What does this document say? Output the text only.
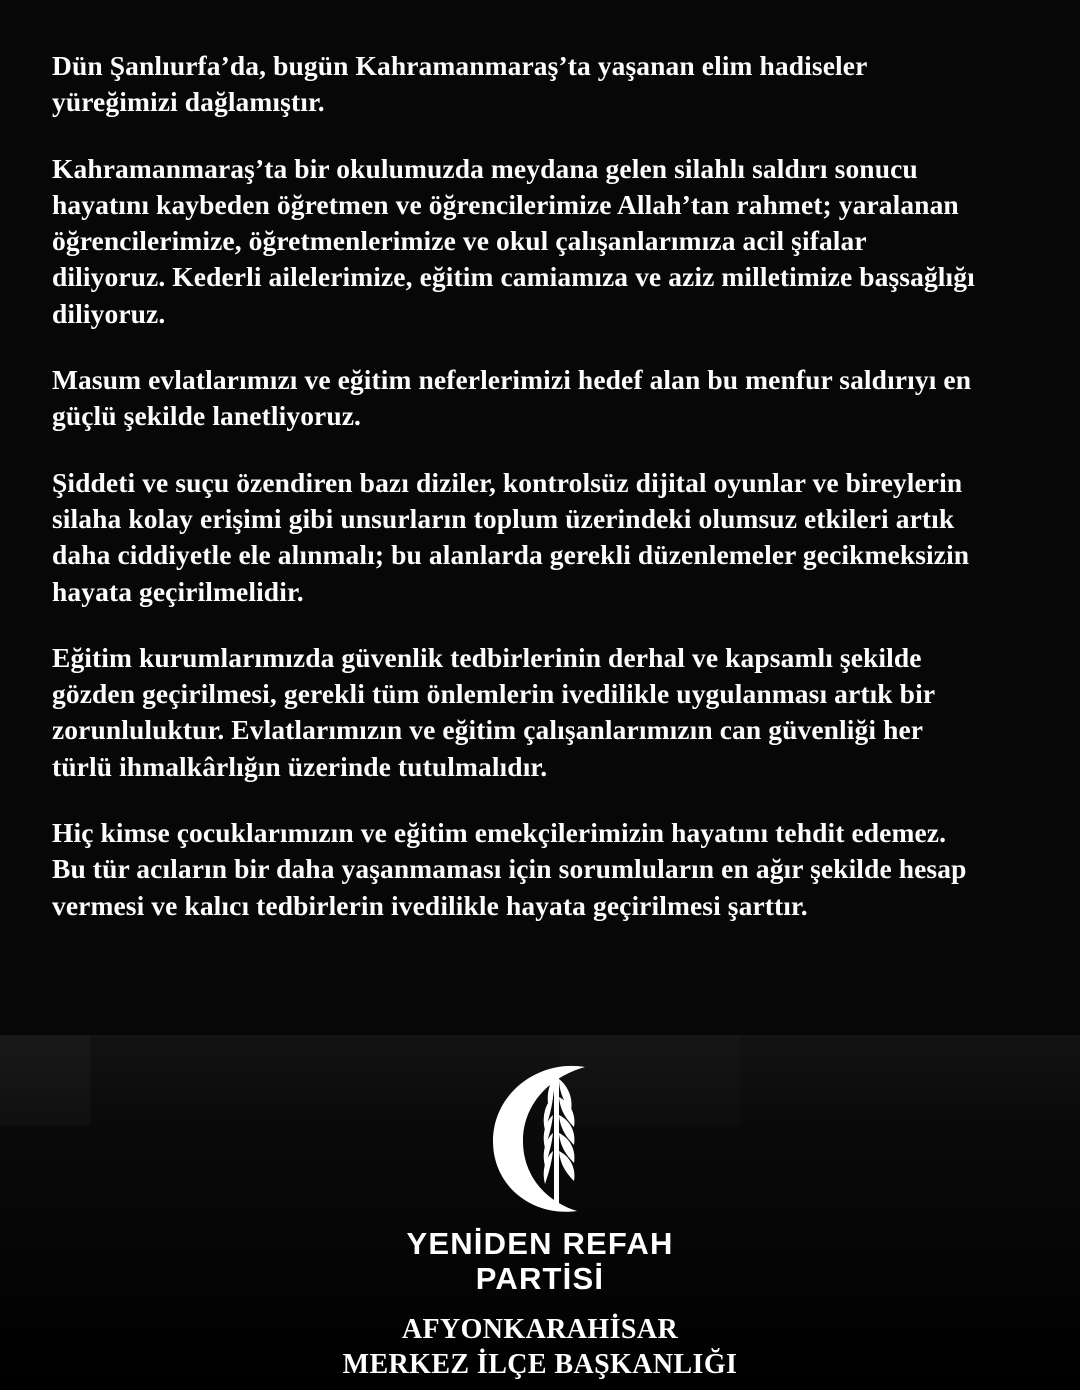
Dün Şanlıurfa’da, bugün Kahramanmaraş’ta yaşanan elim hadiseler yüreğimizi dağlamıştır.

Kahramanmaraş’ta bir okulumuzda meydana gelen silahlı saldırı sonucu hayatını kaybeden öğretmen ve öğrencilerimize Allah’tan rahmet; yaralanan öğrencilerimize, öğretmenlerimize ve okul çalışanlarımıza acil şifalar diliyoruz. Kederli ailelerimize, eğitim camiamıza ve aziz milletimize başsağlığı diliyoruz.

Masum evlatlarımızı ve eğitim neferlerimizi hedef alan bu menfur saldırıyı en güçlü şekilde lanetliyoruz.

Şiddeti ve suçu özendiren bazı diziler, kontrolsüz dijital oyunlar ve bireylerin silaha kolay erişimi gibi unsurların toplum üzerindeki olumsuz etkileri artık daha ciddiyetle ele alınmalı; bu alanlarda gerekli düzenlemeler gecikmeksizin hayata geçirilmelidir.

Eğitim kurumlarımızda güvenlik tedbirlerinin derhal ve kapsamlı şekilde gözden geçirilmesi, gerekli tüm önlemlerin ivedilikle uygulanması artık bir zorunluluktur. Evlatlarımızın ve eğitim çalışanlarımızın can güvenliği her türlü ihmalkârlığın üzerinde tutulmalıdır.

Hiç kimse çocuklarımızın ve eğitim emekçilerimizin hayatını tehdit edemez. Bu tür acıların bir daha yaşanmaması için sorumluların en ağır şekilde hesap vermesi ve kalıcı tedbirlerin ivedilikle hayata geçirilmesi şarttır.

YENİDEN REFAH
PARTİSİ
AFYONKARAHİSAR
MERKEZ İLÇE BAŞKANLIĞI
